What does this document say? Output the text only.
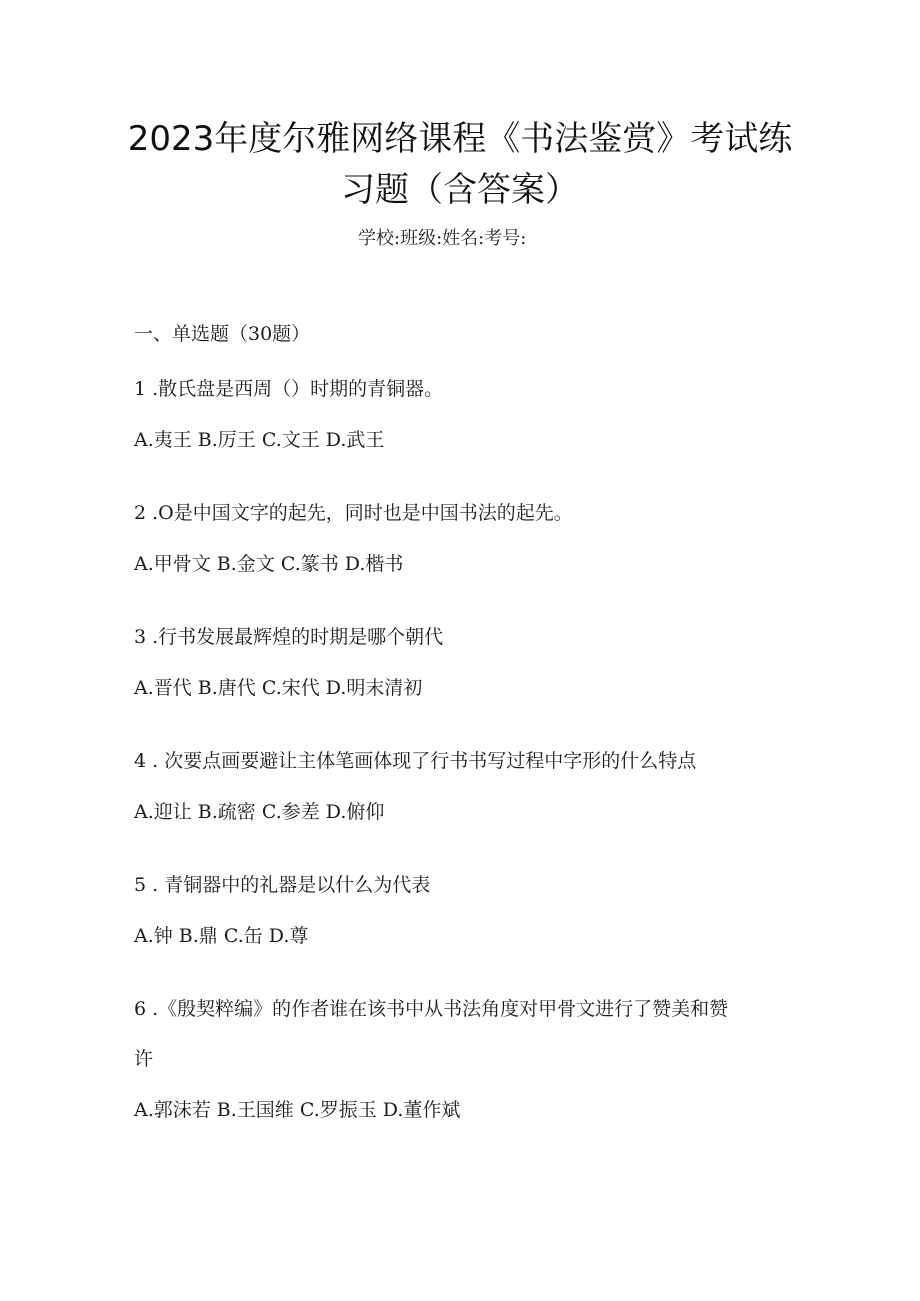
2023年度尔雅网络课程《书法鉴赏》考试练
习题（含答案）
学校:班级:姓名:考号:
一、单选题（30题）
1 .散氏盘是西周（）时期的青铜器。
A.夷王 B.厉王 C.文王 D.武王
2 .O是中国文字的起先，同时也是中国书法的起先。
A.甲骨文 B.金文 C.篆书 D.楷书
3 .行书发展最辉煌的时期是哪个朝代
A.晋代 B.唐代 C.宋代 D.明末清初
4 . 次要点画要避让主体笔画体现了行书书写过程中字形的什么特点
A.迎让 B.疏密 C.参差 D.俯仰
5 . 青铜器中的礼器是以什么为代表
A.钟 B.鼎 C.缶 D.尊
6 .《殷契粹编》的作者谁在该书中从书法角度对甲骨文进行了赞美和赞
许
A.郭沫若 B.王国维 C.罗振玉 D.董作斌
